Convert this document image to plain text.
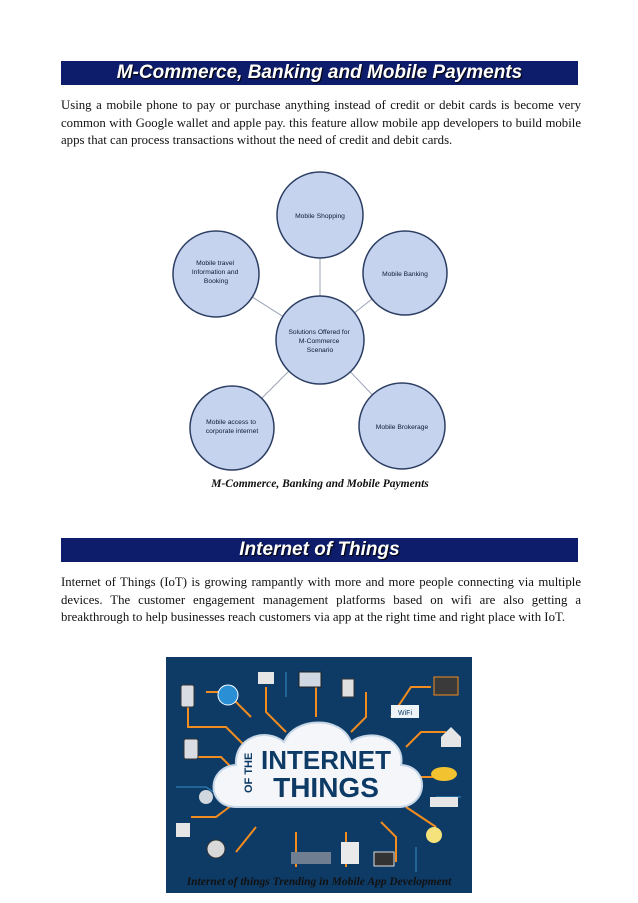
M-Commerce, Banking and Mobile Payments
Using a mobile phone to pay or purchase anything instead of credit or debit cards is become very common with Google wallet and apple pay. this feature allow mobile app developers to build mobile apps that can process transactions without the need of credit and debit cards.
Mobile Shopping
Mobile Banking
Mobile Brokerage
Mobile access to corporate internet
Mobile travel Information and Booking
Solutions Offered for M-Commerce Scenario
M-Commerce, Banking and Mobile Payments
Internet of Things
Internet of Things (IoT) is growing rampantly with more and more people connecting via multiple devices. The customer engagement management platforms based on wifi are also getting a breakthrough to help businesses reach customers via app at the right time and right place with IoT.
OF THE INTERNET
THINGS
WiFi
Internet of things Trending in Mobile App Development
